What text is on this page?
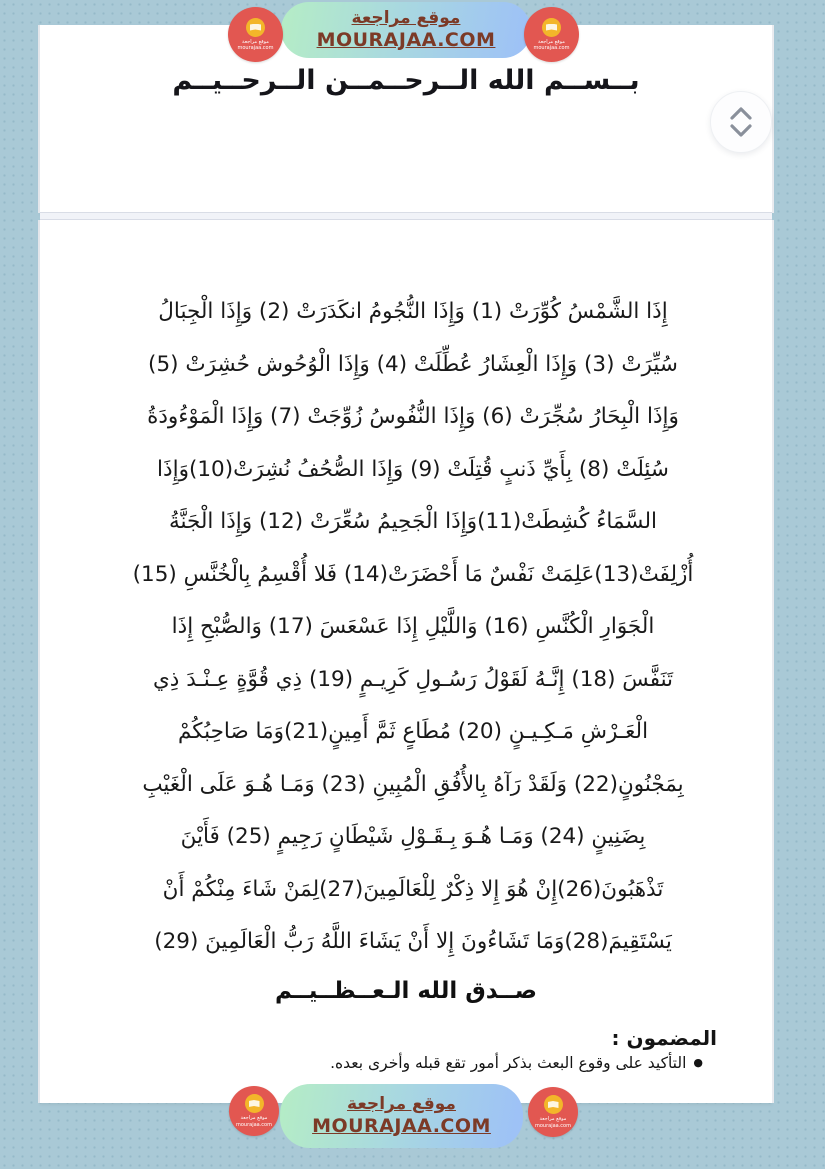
بــســم الله الــرحــمــن الــرحــيــم
إِذَا الشَّمْسُ كُوِّرَتْ (1) وَإِذَا النُّجُومُ انكَدَرَتْ (2) وَإِذَا الْجِبَالُ
سُيِّرَتْ (3) وَإِذَا الْعِشَارُ عُطِّلَتْ (4) وَإِذَا الْوُحُوش حُشِرَتْ (5)
وَإِذَا الْبِحَارُ سُجِّرَتْ (6) وَإِذَا النُّفُوسُ زُوِّجَتْ (7) وَإِذَا الْمَوْءُودَةُ
سُئِلَتْ (8) بِأَيِّ ذَنبٍ قُتِلَتْ (9) وَإِذَا الصُّحُفُ نُشِرَتْ(10)وَإِذَا
السَّمَاءُ كُشِطَتْ(11)وَإِذَا الْجَحِيمُ سُعِّرَتْ (12) وَإِذَا الْجَنَّةُ
أُزْلِفَتْ(13)عَلِمَتْ نَفْسٌ مَا أَحْضَرَتْ(14) فَلا أُقْسِمُ بِالْخُنَّسِ (15)
الْجَوَارِ الْكُنَّسِ (16) وَاللَّيْلِ إِذَا عَسْعَسَ (17) وَالصُّبْحِ إِذَا
تَنَفَّسَ (18) إِنَّـهُ لَقَوْلُ رَسُـولِ كَرِيـمٍ (19) ذِي قُوَّةٍ عِـنْـدَ ذِي
الْعَـرْشِ مَـكِـيـنٍ (20) مُطَاعٍ ثَمَّ أَمِينٍ(21)وَمَا صَاحِبُكُمْ
بِمَجْنُونٍ(22) وَلَقَدْ رَآهُ بِالأُفُقِ الْمُبِينِ (23) وَمَـا هُـوَ عَلَى الْغَيْبِ
بِضَنِينٍ (24) وَمَـا هُـوَ بِـقَـوْلِ شَيْطَانٍ رَجِيمٍ (25) فَأَيْنَ
تَذْهَبُونَ(26)إِنْ هُوَ إِلا ذِكْرٌ لِلْعَالَمِينَ(27)لِمَنْ شَاءَ مِنْكُمْ أَنْ
يَسْتَقِيمَ(28)وَمَا تَشَاءُونَ إِلا أَنْ يَشَاءَ اللَّهُ رَبُّ الْعَالَمِينَ (29)
صــدق الله الـعــظــيــم
المضمون :
●التأكيد على وقوع البعث بذكر أمور تقع قبله وأخرى بعده.
موقع مراجعة
MOURAJAA.COM
موقع مراجعة
MOURAJAA.COM
موقع مراجعة
mourajaa.com
موقع مراجعة
mourajaa.com
موقع مراجعة
mourajaa.com
موقع مراجعة
mourajaa.com
